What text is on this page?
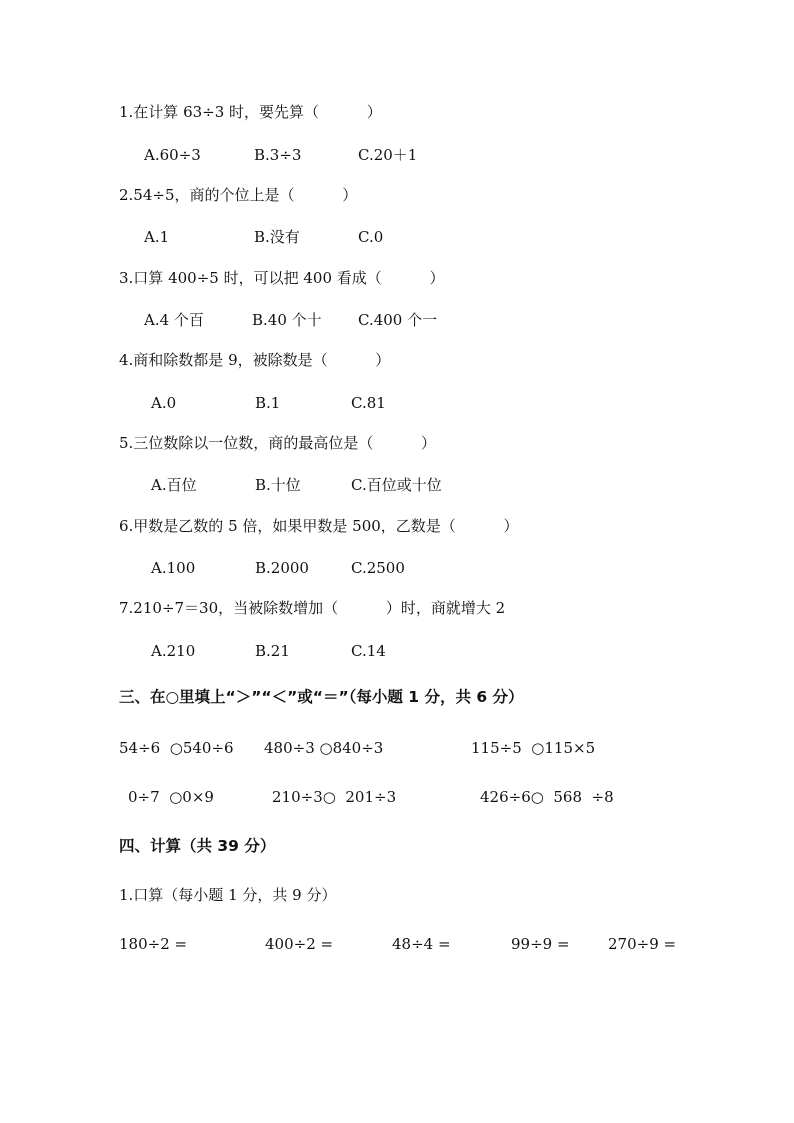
1.在计算 63÷3 时，要先算（          ）
A.60÷3	B.3÷3	C.20＋1
2.54÷5，商的个位上是（          ）
A.1	B.没有	C.0
3.口算 400÷5 时，可以把 400 看成（          ）
A.4 个百	B.40 个十 C.400 个一
4.商和除数都是 9，被除数是（          ）
A.0	B.1	C.81
5.三位数除以一位数，商的最高位是（          ）
A.百位	B.十位	C.百位或十位
6.甲数是乙数的 5 倍，如果甲数是 500，乙数是（          ）
A.100	B.2000	C.2500
7.210÷7＝30，当被除数增加（          ）时，商就增大 2
A.210	B.21	C.14
三、在○里填上“＞”“＜”或“＝”（每小题 1 分，共 6 分）
54÷6  ○540÷6 480÷3 ○840÷3	115÷5  ○115×5
0÷7  ○0×9	210÷3○  201÷3	426÷6○  568  ÷8
四、计算（共 39 分）
1.口算（每小题 1 分，共 9 分）
180÷2 =	400÷2 =	48÷4 =	99÷9 =	270÷9 =
